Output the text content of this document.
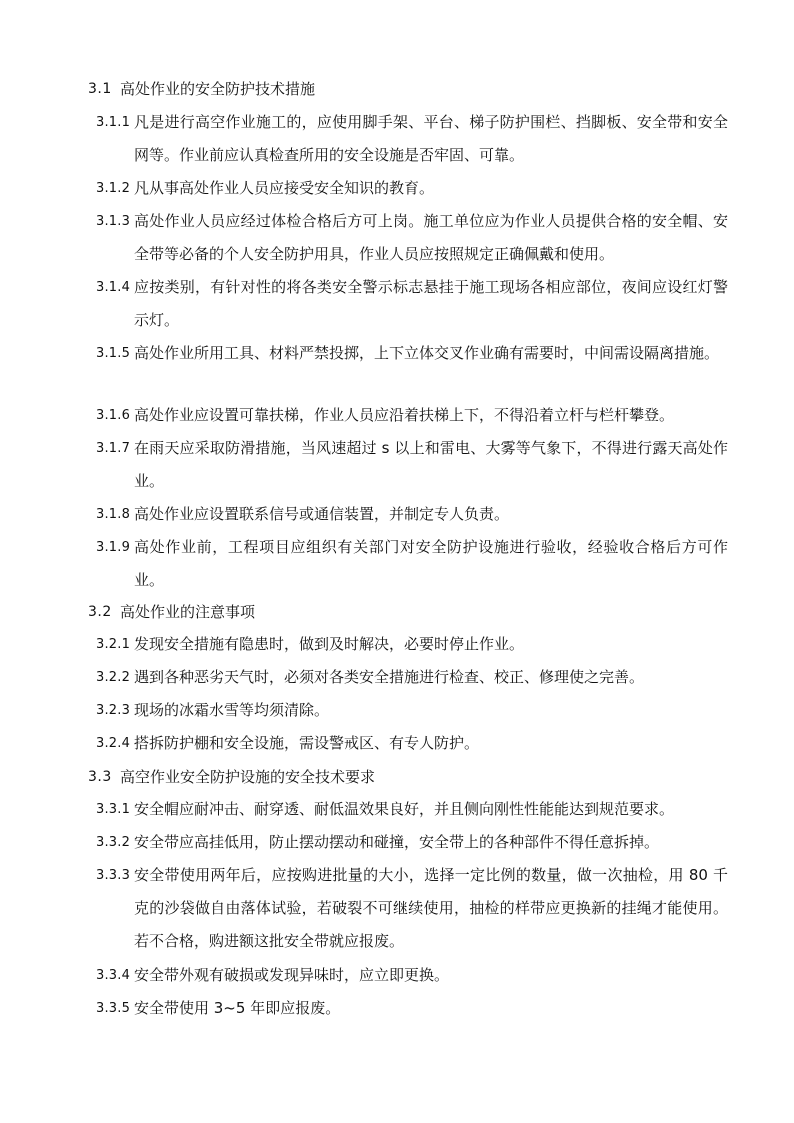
3.1 高处作业的安全防护技术措施
3.1.1 凡是进行高空作业施工的，应使用脚手架、平台、梯子防护围栏、挡脚板、安全带和安全网等。作业前应认真检查所用的安全设施是否牢固、可靠。
3.1.2 凡从事高处作业人员应接受安全知识的教育。
3.1.3 高处作业人员应经过体检合格后方可上岗。施工单位应为作业人员提供合格的安全帽、安全带等必备的个人安全防护用具，作业人员应按照规定正确佩戴和使用。
3.1.4 应按类别，有针对性的将各类安全警示标志悬挂于施工现场各相应部位，夜间应设红灯警示灯。
3.1.5 高处作业所用工具、材料严禁投掷，上下立体交叉作业确有需要时，中间需设隔离措施。
3.1.6 高处作业应设置可靠扶梯，作业人员应沿着扶梯上下，不得沿着立杆与栏杆攀登。
3.1.7 在雨天应采取防滑措施，当风速超过 s 以上和雷电、大雾等气象下，不得进行露天高处作业。
3.1.8 高处作业应设置联系信号或通信装置，并制定专人负责。
3.1.9 高处作业前，工程项目应组织有关部门对安全防护设施进行验收，经验收合格后方可作业。
3.2 高处作业的注意事项
3.2.1 发现安全措施有隐患时，做到及时解决，必要时停止作业。
3.2.2 遇到各种恶劣天气时，必须对各类安全措施进行检查、校正、修理使之完善。
3.2.3 现场的冰霜水雪等均须清除。
3.2.4 搭拆防护棚和安全设施，需设警戒区、有专人防护。
3.3 高空作业安全防护设施的安全技术要求
3.3.1 安全帽应耐冲击、耐穿透、耐低温效果良好，并且侧向刚性性能能达到规范要求。
3.3.2 安全带应高挂低用，防止摆动摆动和碰撞，安全带上的各种部件不得任意拆掉。
3.3.3 安全带使用两年后，应按购进批量的大小，选择一定比例的数量，做一次抽检，用 80 千克的沙袋做自由落体试验，若破裂不可继续使用，抽检的样带应更换新的挂绳才能使用。若不合格，购进额这批安全带就应报废。
3.3.4 安全带外观有破损或发现异味时，应立即更换。
3.3.5 安全带使用 3~5 年即应报废。
